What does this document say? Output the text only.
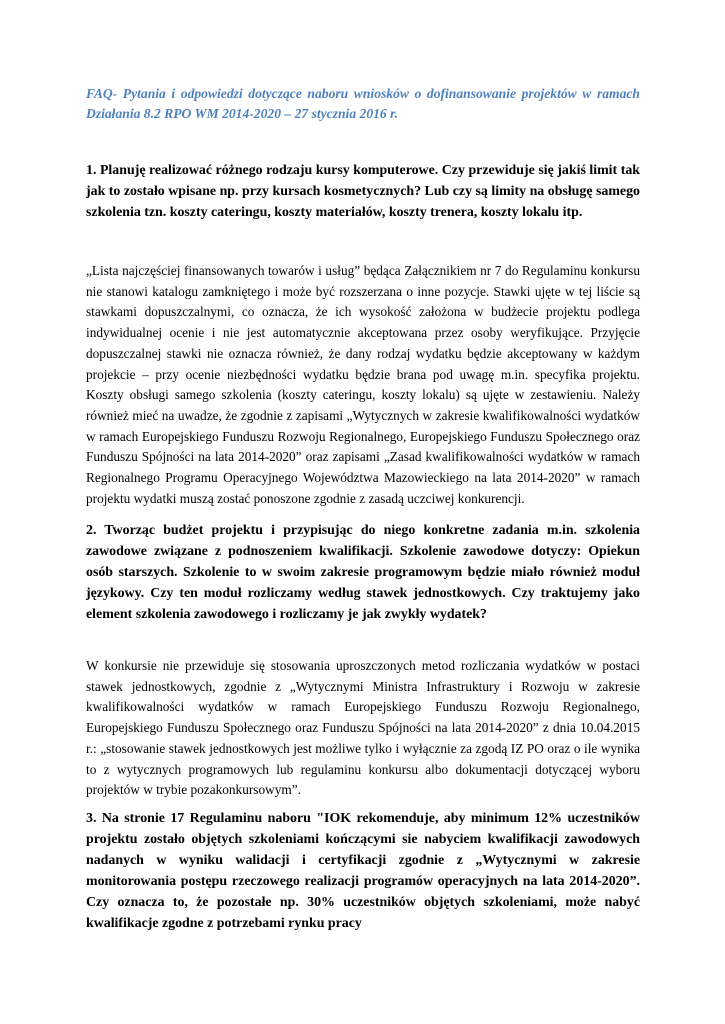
FAQ- Pytania i odpowiedzi dotyczące naboru wniosków o dofinansowanie projektów w ramach Działania 8.2 RPO WM 2014-2020 – 27 stycznia 2016 r.
1. Planuję realizować różnego rodzaju kursy komputerowe. Czy przewiduje się jakiś limit tak jak to zostało wpisane np. przy kursach kosmetycznych? Lub czy są limity na obsługę samego szkolenia tzn. koszty cateringu, koszty materiałów, koszty trenera, koszty lokalu itp.
„Lista najczęściej finansowanych towarów i usług” będąca Załącznikiem nr 7 do Regulaminu konkursu nie stanowi katalogu zamkniętego i może być rozszerzana o inne pozycje. Stawki ujęte w tej liście są stawkami dopuszczalnymi, co oznacza, że ich wysokość założona w budżecie projektu podlega indywidualnej ocenie i nie jest automatycznie akceptowana przez osoby weryfikujące. Przyjęcie dopuszczalnej stawki nie oznacza również, że dany rodzaj wydatku będzie akceptowany w każdym projekcie – przy ocenie niezbędności wydatku będzie brana pod uwagę m.in. specyfika projektu. Koszty obsługi samego szkolenia (koszty cateringu, koszty lokalu) są ujęte w zestawieniu. Należy również mieć na uwadze, że zgodnie z zapisami „Wytycznych w zakresie kwalifikowalności wydatków w ramach Europejskiego Funduszu Rozwoju Regionalnego, Europejskiego Funduszu Społecznego oraz Funduszu Spójności na lata 2014-2020” oraz zapisami „Zasad kwalifikowalności wydatków w ramach Regionalnego Programu Operacyjnego Województwa Mazowieckiego na lata 2014-2020” w ramach projektu wydatki muszą zostać ponoszone zgodnie z zasadą uczciwej konkurencji.
2. Tworząc budżet projektu i przypisując do niego konkretne zadania m.in. szkolenia zawodowe związane z podnoszeniem kwalifikacji. Szkolenie zawodowe dotyczy: Opiekun osób starszych. Szkolenie to w swoim zakresie programowym będzie miało również moduł językowy. Czy ten moduł rozliczamy według stawek jednostkowych. Czy traktujemy jako element szkolenia zawodowego i rozliczamy je jak zwykły wydatek?
W konkursie nie przewiduje się stosowania uproszczonych metod rozliczania wydatków w postaci stawek jednostkowych, zgodnie z „Wytycznymi Ministra Infrastruktury i Rozwoju w zakresie kwalifikowalności wydatków w ramach Europejskiego Funduszu Rozwoju Regionalnego, Europejskiego Funduszu Społecznego oraz Funduszu Spójności na lata 2014-2020” z dnia 10.04.2015 r.: „stosowanie stawek jednostkowych jest możliwe tylko i wyłącznie za zgodą IZ PO oraz o ile wynika to z wytycznych programowych lub regulaminu konkursu albo dokumentacji dotyczącej wyboru projektów w trybie pozakonkursowym”.
3. Na stronie 17 Regulaminu naboru "IOK rekomenduje, aby minimum 12% uczestników projektu zostało objętych szkoleniami kończącymi sie nabyciem kwalifikacji zawodowych nadanych w wyniku walidacji i certyfikacji zgodnie z „Wytycznymi w zakresie monitorowania postępu rzeczowego realizacji programów operacyjnych na lata 2014-2020”. Czy oznacza to, że pozostałe np. 30% uczestników objętych szkoleniami, może nabyć kwalifikacje zgodne z potrzebami rynku pracy
